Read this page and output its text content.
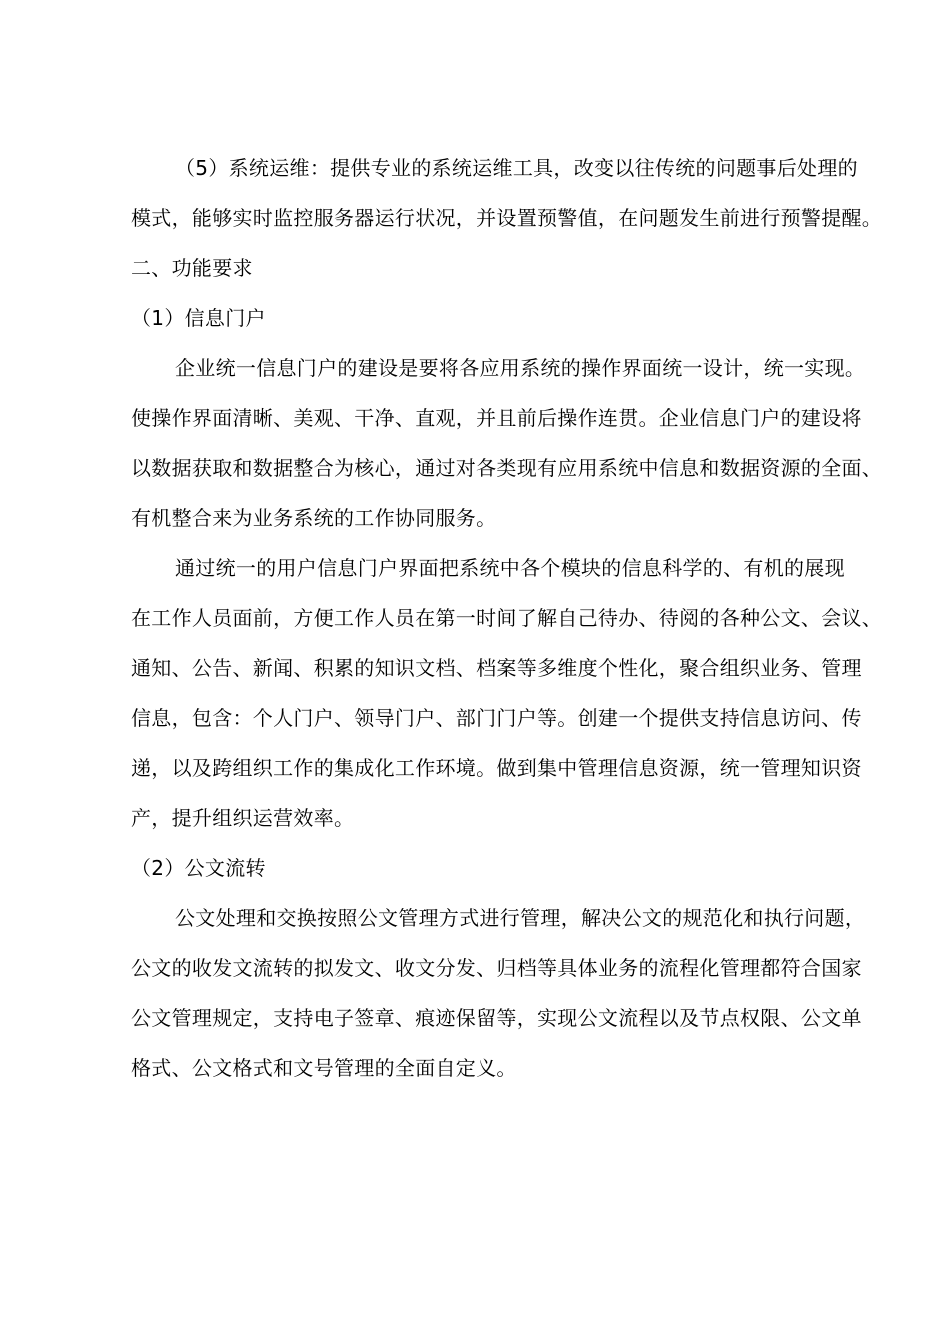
（5）系统运维：提供专业的系统运维工具，改变以往传统的问题事后处理的
模式，能够实时监控服务器运行状况，并设置预警值，在问题发生前进行预警提醒。
二、功能要求
（1）信息门户
企业统一信息门户的建设是要将各应用系统的操作界面统一设计，统一实现。
使操作界面清晰、美观、干净、直观，并且前后操作连贯。企业信息门户的建设将
以数据获取和数据整合为核心，通过对各类现有应用系统中信息和数据资源的全面、
有机整合来为业务系统的工作协同服务。
通过统一的用户信息门户界面把系统中各个模块的信息科学的、有机的展现
在工作人员面前，方便工作人员在第一时间了解自己待办、待阅的各种公文、会议、
通知、公告、新闻、积累的知识文档、档案等多维度个性化，聚合组织业务、管理
信息，包含：个人门户、领导门户、部门门户等。创建一个提供支持信息访问、传
递，以及跨组织工作的集成化工作环境。做到集中管理信息资源，统一管理知识资
产，提升组织运营效率。
（2）公文流转
公文处理和交换按照公文管理方式进行管理，解决公文的规范化和执行问题，
公文的收发文流转的拟发文、收文分发、归档等具体业务的流程化管理都符合国家
公文管理规定，支持电子签章、痕迹保留等，实现公文流程以及节点权限、公文单
格式、公文格式和文号管理的全面自定义。
